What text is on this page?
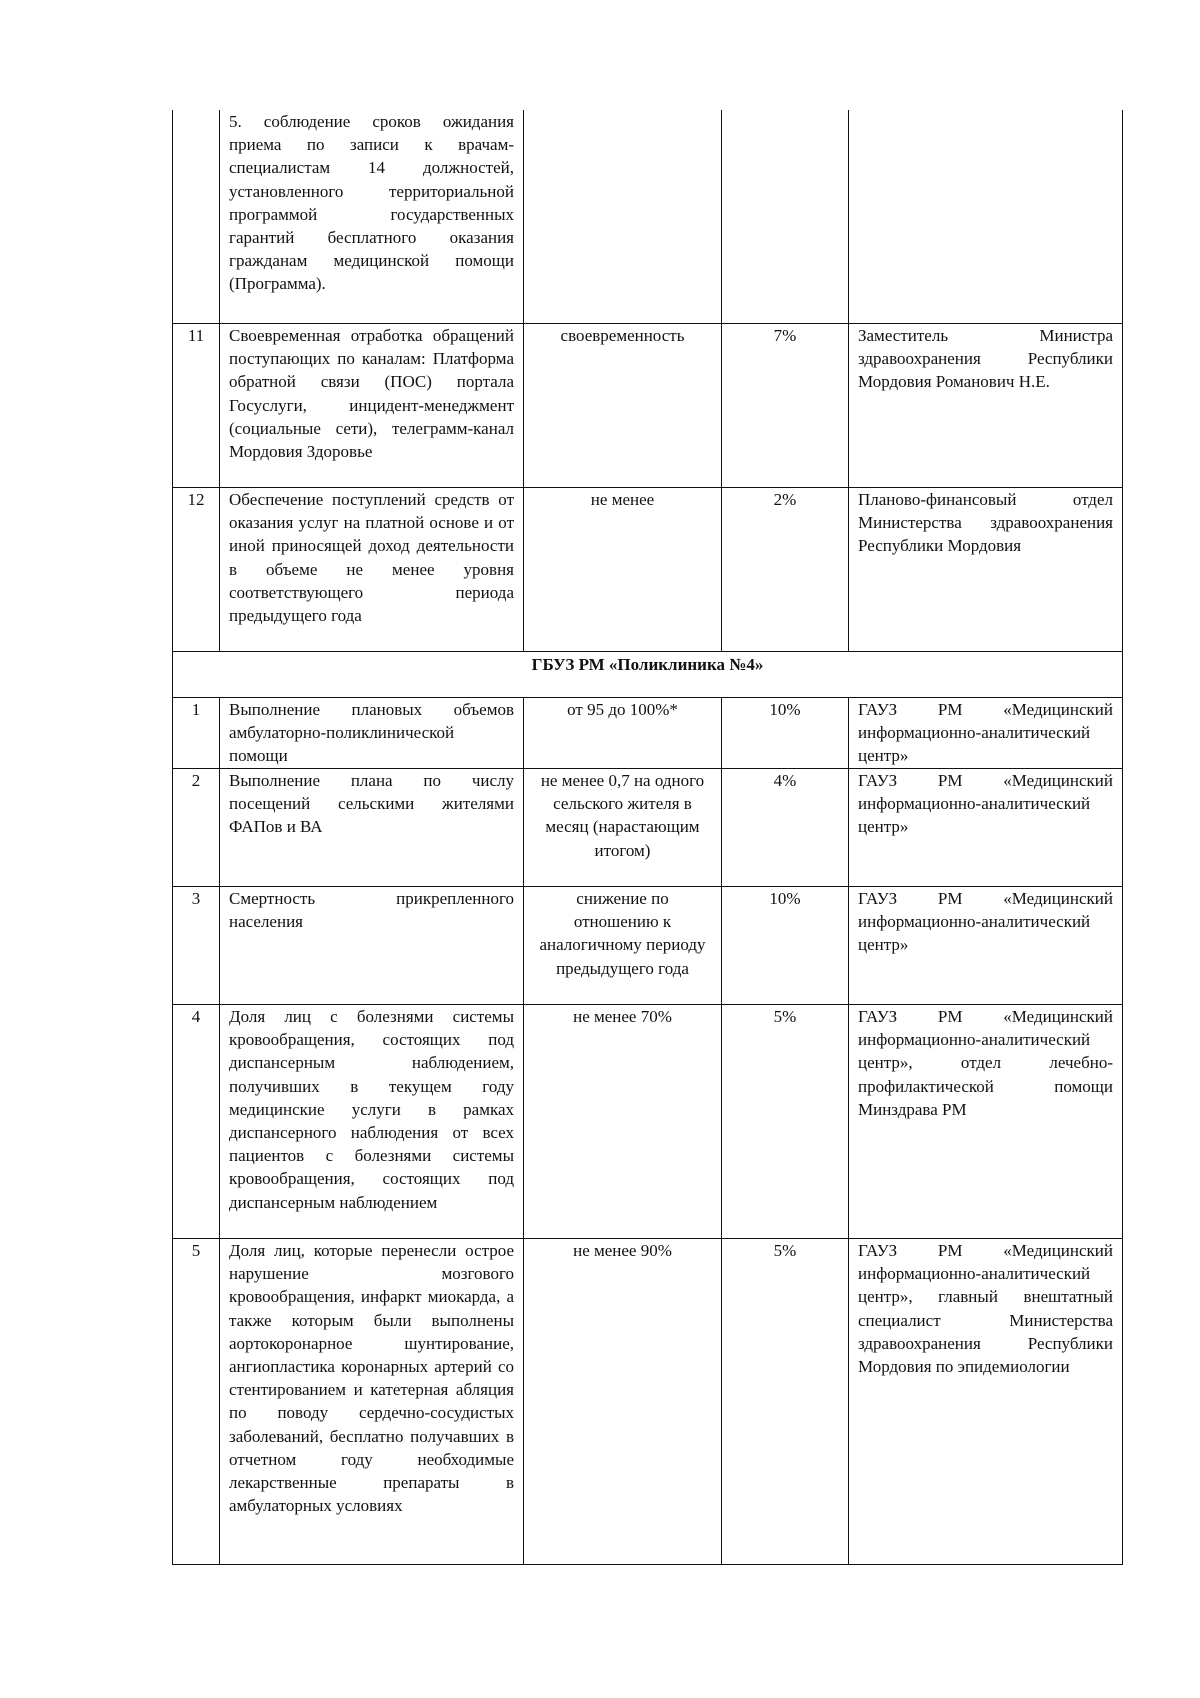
	5. соблюдение сроков ожидания приема по записи к врачам-специалистам 14 должностей, установленного территориальной программой государственных гарантий бесплатного оказания гражданам медицинской помощи (Программа).			
11	Своевременная отработка обращений поступающих по каналам: Платформа обратной связи (ПОС) портала Госуслуги, инцидент-менеджмент (социальные сети), телеграмм-канал Мордовия Здоровье	своевременность	7%	Заместитель Министра здравоохранения Республики Мордовия Романович Н.Е.
12	Обеспечение поступлений средств от оказания услуг на платной основе и от иной приносящей доход деятельности в объеме не менее уровня соответствующего периода предыдущего года	не менее	2%	Планово-финансовый отдел Министерства здравоохранения Республики Мордовия
ГБУЗ РМ «Поликлиника №4»				
1	Выполнение плановых объемов амбулаторно-поликлинической помощи	от 95 до 100%*	10%	ГАУЗ РМ «Медицинский информационно-аналитический центр»
2	Выполнение плана по числу посещений сельскими жителями ФАПов и ВА	не менее 0,7 на одного сельского жителя в месяц (нарастающим итогом)	4%	ГАУЗ РМ «Медицинский информационно-аналитический центр»
3	Смертность прикрепленного населения	снижение по отношению к аналогичному периоду предыдущего года	10%	ГАУЗ РМ «Медицинский информационно-аналитический центр»
4	Доля лиц с болезнями системы кровообращения, состоящих под диспансерным наблюдением, получивших в текущем году медицинские услуги в рамках диспансерного наблюдения от всех пациентов с болезнями системы кровообращения, состоящих под диспансерным наблюдением	не менее 70%	5%	ГАУЗ РМ «Медицинский информационно-аналитический центр», отдел лечебно-профилактической помощи Минздрава РМ
5	Доля лиц, которые перенесли острое нарушение мозгового кровообращения, инфаркт миокарда, а также которым были выполнены аортокоронарное шунтирование, ангиопластика коронарных артерий со стентированием и катетерная абляция по поводу сердечно-сосудистых заболеваний, бесплатно получавших в отчетном году необходимые лекарственные препараты в амбулаторных условиях	не менее 90%	5%	ГАУЗ РМ «Медицинский информационно-аналитический центр», главный внештатный специалист Министерства здравоохранения Республики Мордовия по эпидемиологии
